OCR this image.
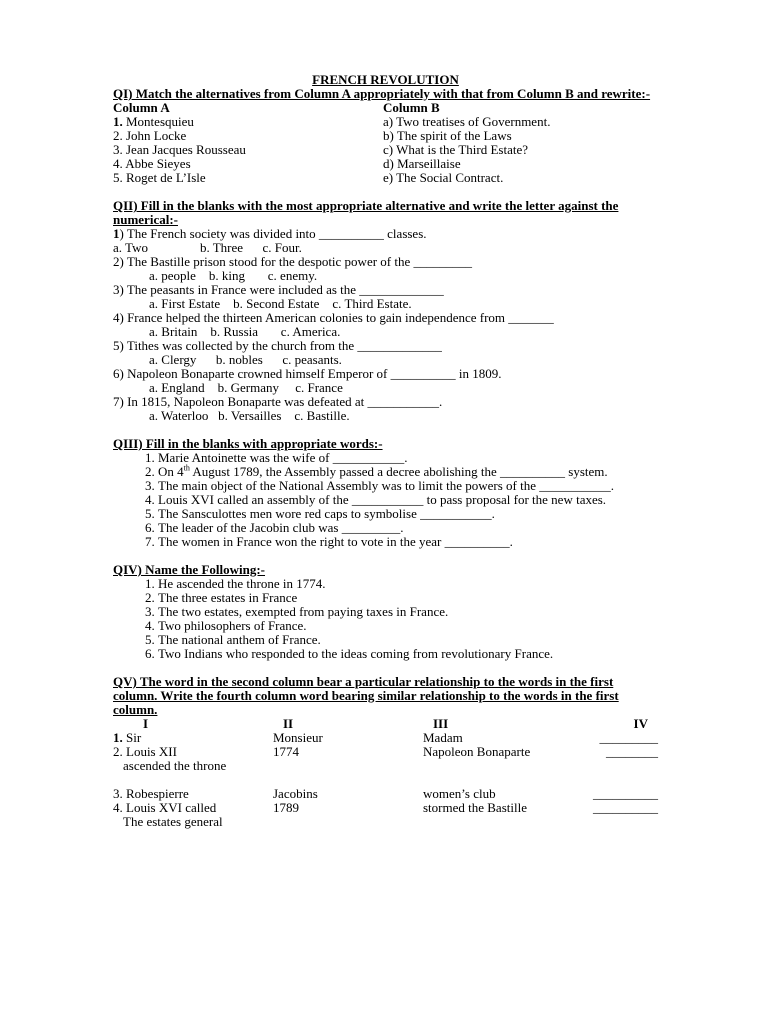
FRENCH REVOLUTION
QI) Match the alternatives from Column A appropriately with that from Column B and rewrite:-
Column A	Column B
1. Montesquieu	a) Two treatises of Government.
2. John Locke	b) The spirit of the Laws
3. Jean Jacques Rousseau	c) What is the Third Estate?
4. Abbe Sieyes	d) Marseillaise
5. Roget de L’Isle	e) The Social Contract.
QII) Fill in the blanks with the most appropriate alternative and write the letter against the numerical:-
1) The French society was divided into __________ classes.
a. Two                b. Three      c. Four.
2) The Bastille prison stood for the despotic power of the _________
a. people    b. king       c. enemy.
3) The peasants in France were included as the _____________
a. First Estate    b. Second Estate    c. Third Estate.
4) France helped the thirteen American colonies to gain independence from _______
a. Britain    b. Russia       c. America.
5) Tithes was collected by the church from the _____________
a. Clergy      b. nobles      c. peasants.
6) Napoleon Bonaparte crowned himself Emperor of __________ in 1809.
a. England    b. Germany     c. France
7) In 1815, Napoleon Bonaparte was defeated at ___________.
a. Waterloo   b. Versailles    c. Bastille.
QIII) Fill in the blanks with appropriate words:-
1. Marie Antoinette was the wife of ___________.
2. On 4th August 1789, the Assembly passed a decree abolishing the __________ system.
3. The main object of the National Assembly was to limit the powers of the ___________.
4. Louis XVI called an assembly of the ___________ to pass proposal for the new taxes.
5. The Sansculottes men wore red caps to symbolise ___________.
6. The leader of the Jacobin club was _________.
7. The women in France won the right to vote in the year __________.
QIV) Name the Following:-
1. He ascended the throne in 1774.
2. The three estates in France
3. The two estates, exempted from paying taxes in France.
4. Two philosophers of France.
5. The national anthem of France.
6. Two Indians who responded to the ideas coming from revolutionary France.
QV) The word in the second column bear a particular relationship to the words in the first column. Write the fourth column word bearing similar relationship to the words in the first column.
I	II	III	IV
1. Sir	Monsieur	Madam	_________
2. Louis XII	1774	Napoleon Bonaparte	________
ascended the throne
3. Robespierre	Jacobins	women’s club	__________
4. Louis XVI called	1789	stormed the Bastille	__________
The estates general
